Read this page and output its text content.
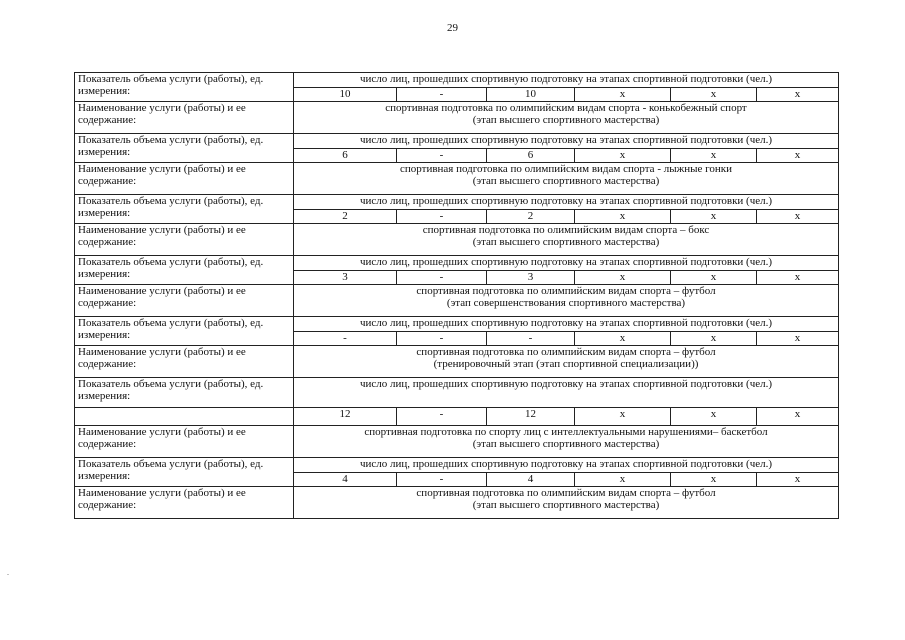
29
.
Показатель объема услуги (работы), ед. измерения:	число лиц, прошедших спортивную подготовку на этапах спортивной подготовки (чел.)					
	10	-	10	х	х	х
Наименование услуги (работы) и ее содержание:	спортивная подготовка по олимпийским видам спорта - конькобежный спорт
(этап высшего спортивного мастерства)					

Показатель объема услуги (работы), ед. измерения:	число лиц, прошедших спортивную подготовку на этапах спортивной подготовки (чел.)					
	6	-	6	х	х	х
Наименование услуги (работы) и ее содержание:	спортивная подготовка по олимпийским видам спорта - лыжные гонки
(этап высшего спортивного мастерства)					

Показатель объема услуги (работы), ед. измерения:	число лиц, прошедших спортивную подготовку на этапах спортивной подготовки (чел.)					
	2	-	2	х	х	х
Наименование услуги (работы) и ее содержание:	спортивная подготовка по олимпийским видам спорта – бокс
(этап высшего спортивного мастерства)					

Показатель объема услуги (работы), ед. измерения:	число лиц, прошедших спортивную подготовку на этапах спортивной подготовки (чел.)					
	3	-	3	х	х	х
Наименование услуги (работы) и ее содержание:	спортивная подготовка по олимпийским видам спорта – футбол
(этап совершенствования спортивного мастерства)					

Показатель объема услуги (работы), ед. измерения:	число лиц, прошедших спортивную подготовку на этапах спортивной подготовки (чел.)					
	-	-	-	х	х	х
Наименование услуги (работы) и ее содержание:	спортивная подготовка по олимпийским видам спорта – футбол
(тренировочный этап (этап спортивной специализации))					

Показатель объема услуги (работы), ед. измерения:	число лиц, прошедших спортивную подготовку на этапах спортивной подготовки (чел.)					
	12	-	12	х	х	х
Наименование услуги (работы) и ее содержание:	спортивная подготовка по спорту лиц с интеллектуальными нарушениями– баскетбол
(этап высшего спортивного мастерства)					

Показатель объема услуги (работы), ед. измерения:	число лиц, прошедших спортивную подготовку на этапах спортивной подготовки (чел.)					
	4	-	4	х	х	х
Наименование услуги (работы) и ее содержание:	спортивная подготовка по олимпийским видам спорта – футбол
(этап высшего спортивного мастерства)					
